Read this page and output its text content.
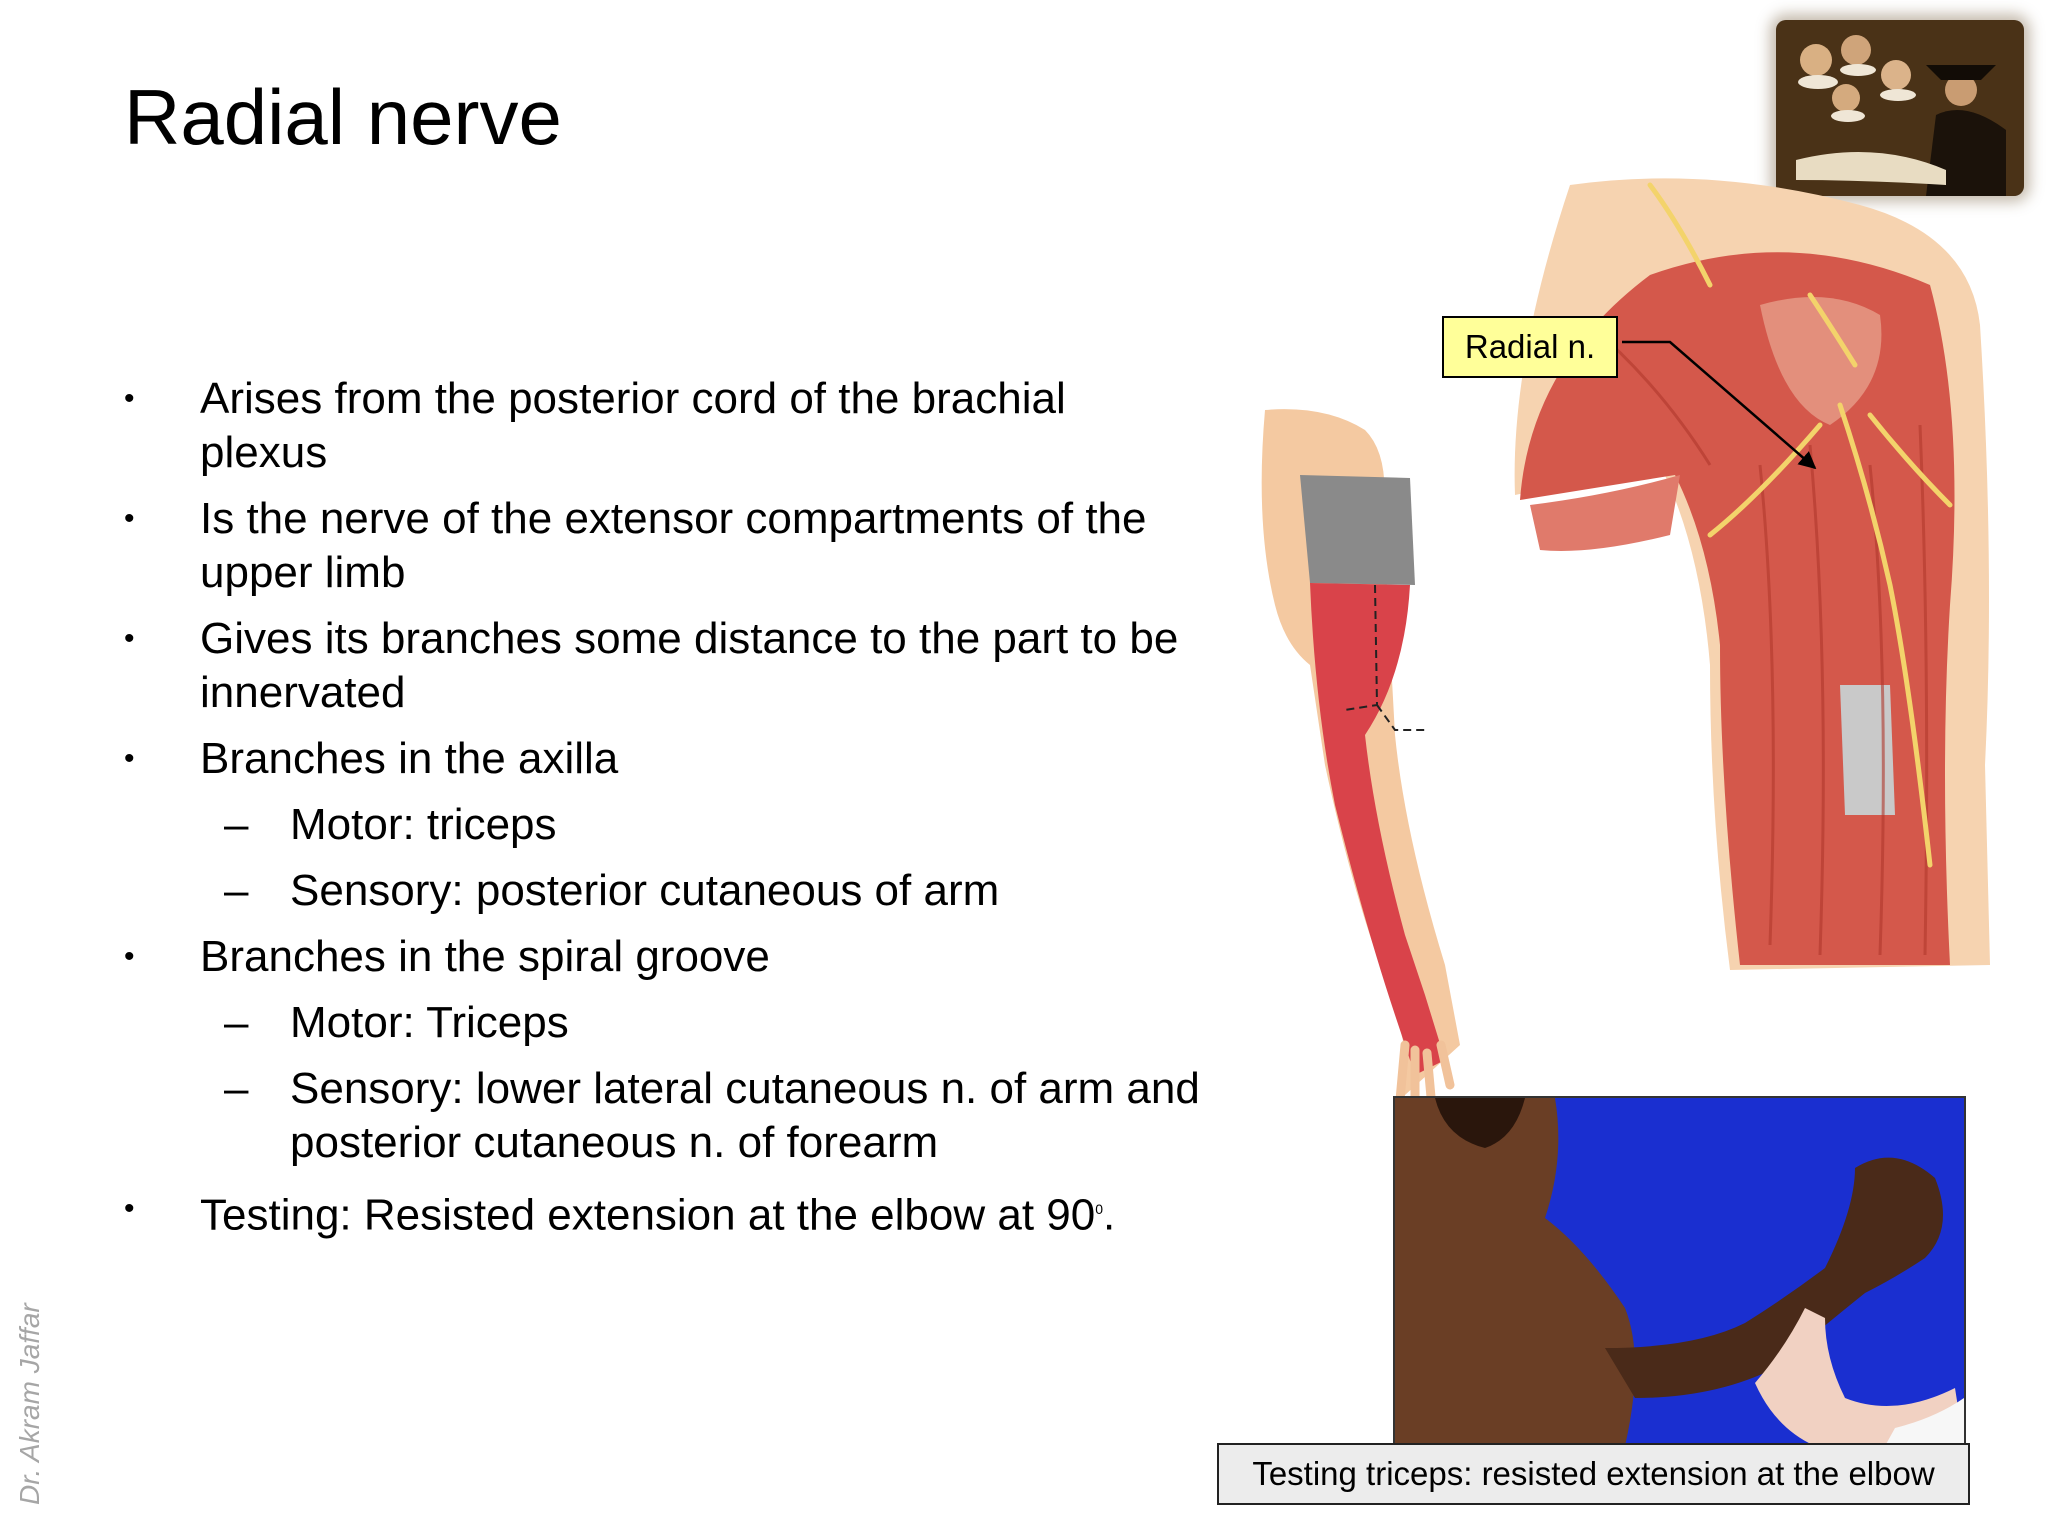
Radial nerve
• Arises from the posterior cord of the brachial plexus
• Is the nerve of the extensor compartments of the upper limb
• Gives its branches some distance to the part to be innervated
• Branches in the axilla
– Motor: triceps
– Sensory: posterior cutaneous of arm
• Branches in the spiral groove
– Motor: Triceps
– Sensory: lower lateral cutaneous n. of arm and posterior cutaneous n. of forearm
• Testing: Resisted extension at the elbow at $90^0$.
Dr. Akram Jaffar
Radial n.
Testing triceps: resisted extension at the elbow
